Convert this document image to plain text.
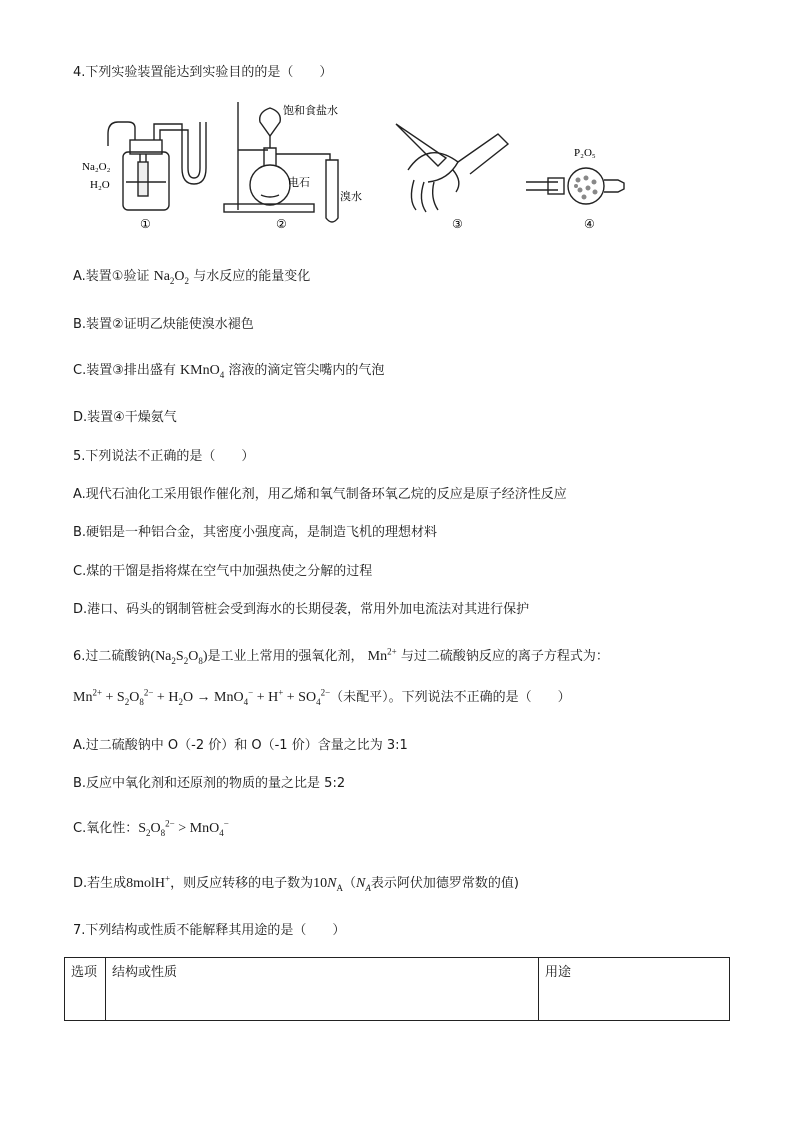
4.下列实验装置能达到实验目的的是（　　）
Na₂O₂
H₂O
①
饱和食盐水
电石
溴水
②	③
P₂O₅
④
A.装置①验证 $Na_2O_2$ 与水反应的能量变化
B.装置②证明乙炔能使溴水褪色
C.装置③排出盛有 KMnO$_4$ 溶液的滴定管尖嘴内的气泡
D.装置④干燥氨气
5.下列说法不正确的是（　　）
A.现代石油化工采用银作催化剂，用乙烯和氧气制备环氧乙烷的反应是原子经济性反应
B.硬铝是一种铝合金，其密度小强度高，是制造飞机的理想材料
C.煤的干馏是指将煤在空气中加强热使之分解的过程
D.港口、码头的钢制管桩会受到海水的长期侵袭，常用外加电流法对其进行保护
6.过二硫酸钠$(Na_2S_2O_8)$是工业上常用的强氧化剂， $Mn^{2+}$ 与过二硫酸钠反应的离子方程式为：
$Mn^{2+} + S_2O_8^{2-} + H_2O \to MnO_4^- + H^+ + SO_4^{2-}$（未配平）。下列说法不正确的是（　　）
A.过二硫酸钠中 O（-2 价）和 O（-1 价）含量之比为 3:1
B.反应中氧化剂和还原剂的物质的量之比是 5:2
C.氧化性：$S_2O_8^{2-} > MnO_4^-$
D.若生成8molH+，则反应转移的电子数为$10N_A(N_A$表示阿伏加德罗常数的值)
7.下列结构或性质不能解释其用途的是（　　）
选项	结构或性质	用途
